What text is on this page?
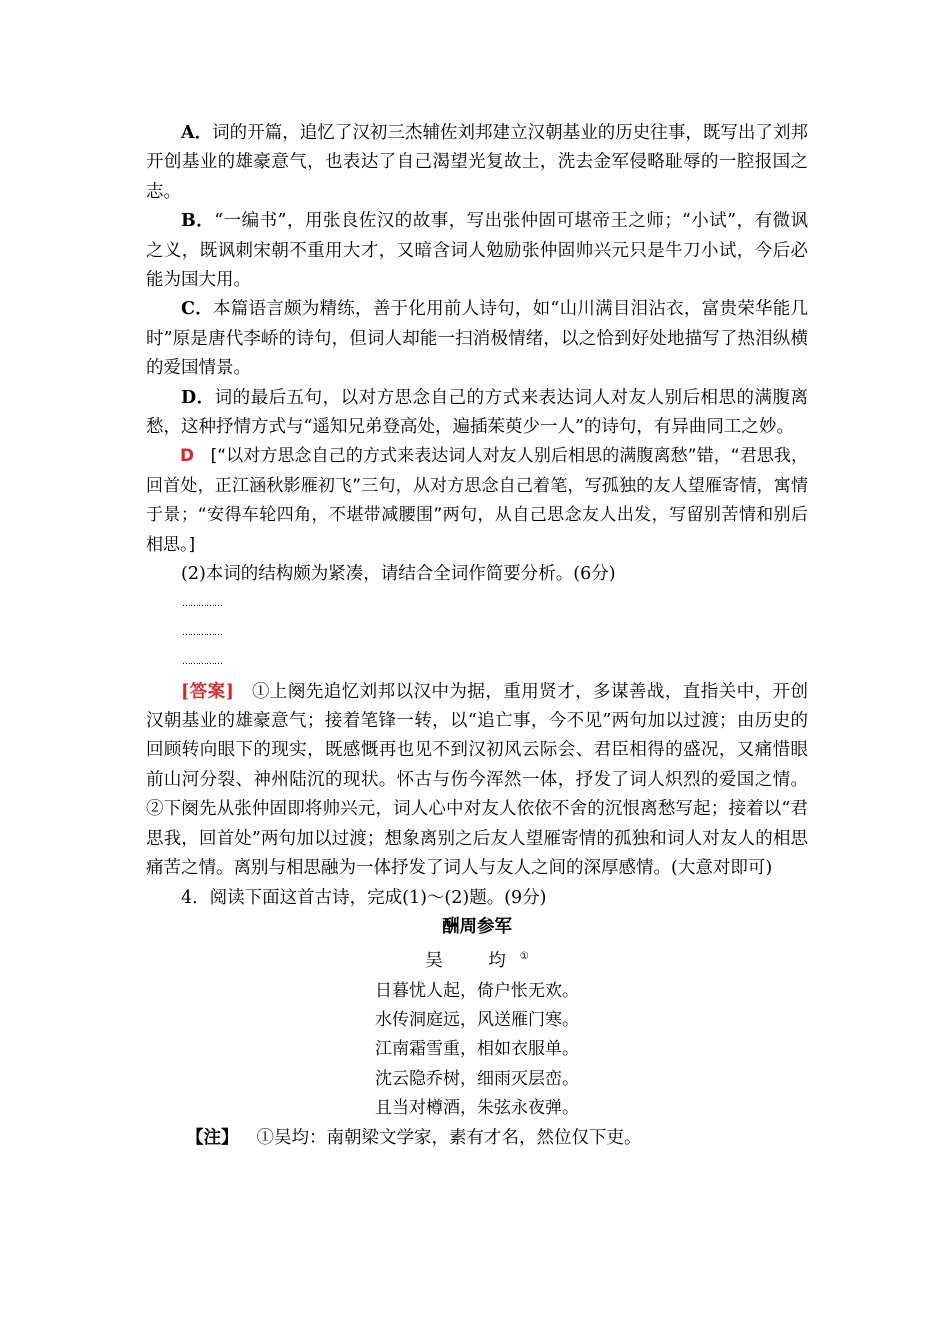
A．词的开篇，追忆了汉初三杰辅佐刘邦建立汉朝基业的历史往事，既写出了刘邦开创基业的雄豪意气，也表达了自己渴望光复故土，洗去金军侵略耻辱的一腔报国之志。

B．“一编书”，用张良佐汉的故事，写出张仲固可堪帝王之师；“小试”，有微讽之义，既讽刺宋朝不重用大才，又暗含词人勉励张仲固帅兴元只是牛刀小试，今后必能为国大用。

C．本篇语言颇为精练，善于化用前人诗句，如“山川满目泪沾衣，富贵荣华能几时”原是唐代李峤的诗句，但词人却能一扫消极情绪，以之恰到好处地描写了热泪纵横的爱国情景。

D．词的最后五句，以对方思念自己的方式来表达词人对友人别后相思的满腹离愁，这种抒情方式与“遥知兄弟登高处，遍插茱萸少一人”的诗句，有异曲同工之妙。

D [“以对方思念自己的方式来表达词人对友人别后相思的满腹离愁”错，“君思我，回首处，正江涵秋影雁初飞”三句，从对方思念自己着笔，写孤独的友人望雁寄情，寓情于景；“安得车轮四角，不堪带减腰围”两句，从自己思念友人出发，写留别苦情和别后相思。]

(2)本词的结构颇为紧凑，请结合全词作简要分析。(6分)

……………
……………
……………

[答案] ①上阕先追忆刘邦以汉中为据，重用贤才，多谋善战，直指关中，开创汉朝基业的雄豪意气；接着笔锋一转，以“追亡事，今不见”两句加以过渡；由历史的回顾转向眼下的现实，既感慨再也见不到汉初风云际会、君臣相得的盛况，又痛惜眼前山河分裂、神州陆沉的现状。怀古与伤今浑然一体，抒发了词人炽烈的爱国之情。②下阕先从张仲固即将帅兴元，词人心中对友人依依不舍的沉恨离愁写起；接着以“君思我，回首处”两句加以过渡；想象离别之后友人望雁寄情的孤独和词人对友人的相思痛苦之情。离别与相思融为一体抒发了词人与友人之间的深厚感情。(大意对即可)

4．阅读下面这首古诗，完成(1)～(2)题。(9分)

酬周参军

吴　均①

日暮忧人起，倚户怅无欢。

水传洞庭远，风送雁门寒。

江南霜雪重，相如衣服单。

沈云隐乔树，细雨灭层峦。

且当对樽酒，朱弦永夜弹。

【注】 ①吴均：南朝梁文学家，素有才名，然位仅下吏。
